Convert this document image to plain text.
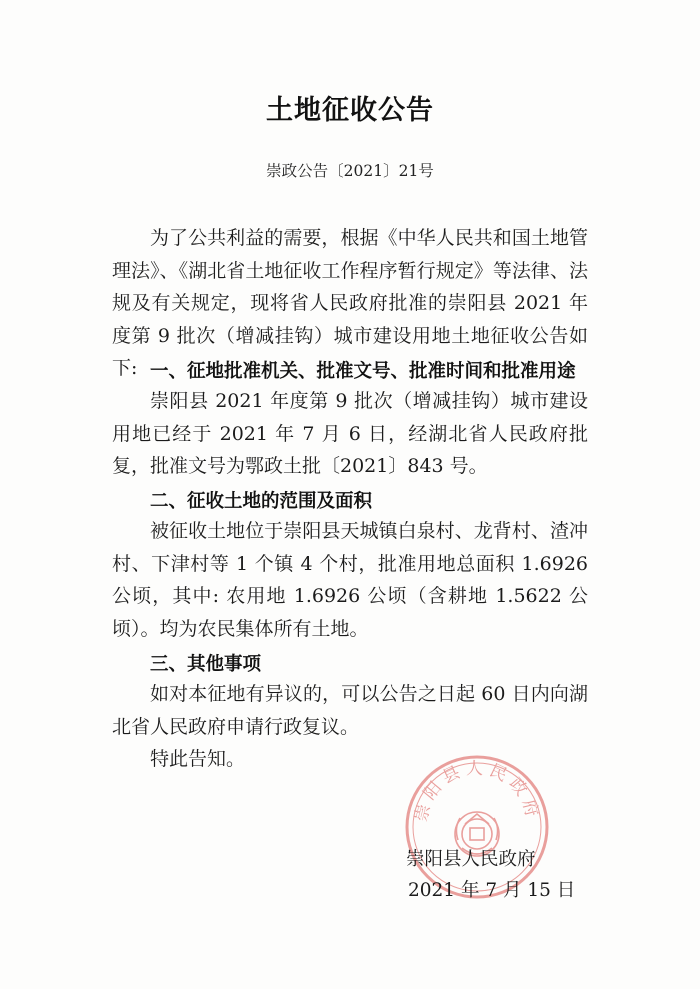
土地征收公告
崇政公告〔2021〕21号
为了公共利益的需要，根据《中华人民共和国土地管理法》、《湖北省土地征收工作程序暂行规定》等法律、法规及有关规定，现将省人民政府批准的崇阳县 2021 年度第 9 批次（增减挂钩）城市建设用地土地征收公告如下: 一、征地批准机关、批准文号、批准时间和批准用途
崇阳县 2021 年度第 9 批次（增减挂钩）城市建设用地已经于 2021 年 7 月 6 日，经湖北省人民政府批复，批准文号为鄂政土批〔2021〕843 号。
二、征收土地的范围及面积
被征收土地位于崇阳县天城镇白泉村、龙背村、渣冲村、下津村等 1 个镇 4 个村，批准用地总面积 1.6926 公顷，其中: 农用地 1.6926 公顷（含耕地 1.5622 公顷）。均为农民集体所有土地。
三、其他事项
如对本征地有异议的，可以公告之日起 60 日内向湖北省人民政府申请行政复议。
特此告知。
崇阳县人民政府
崇阳县人民政府
2021 年 7 月 15 日
